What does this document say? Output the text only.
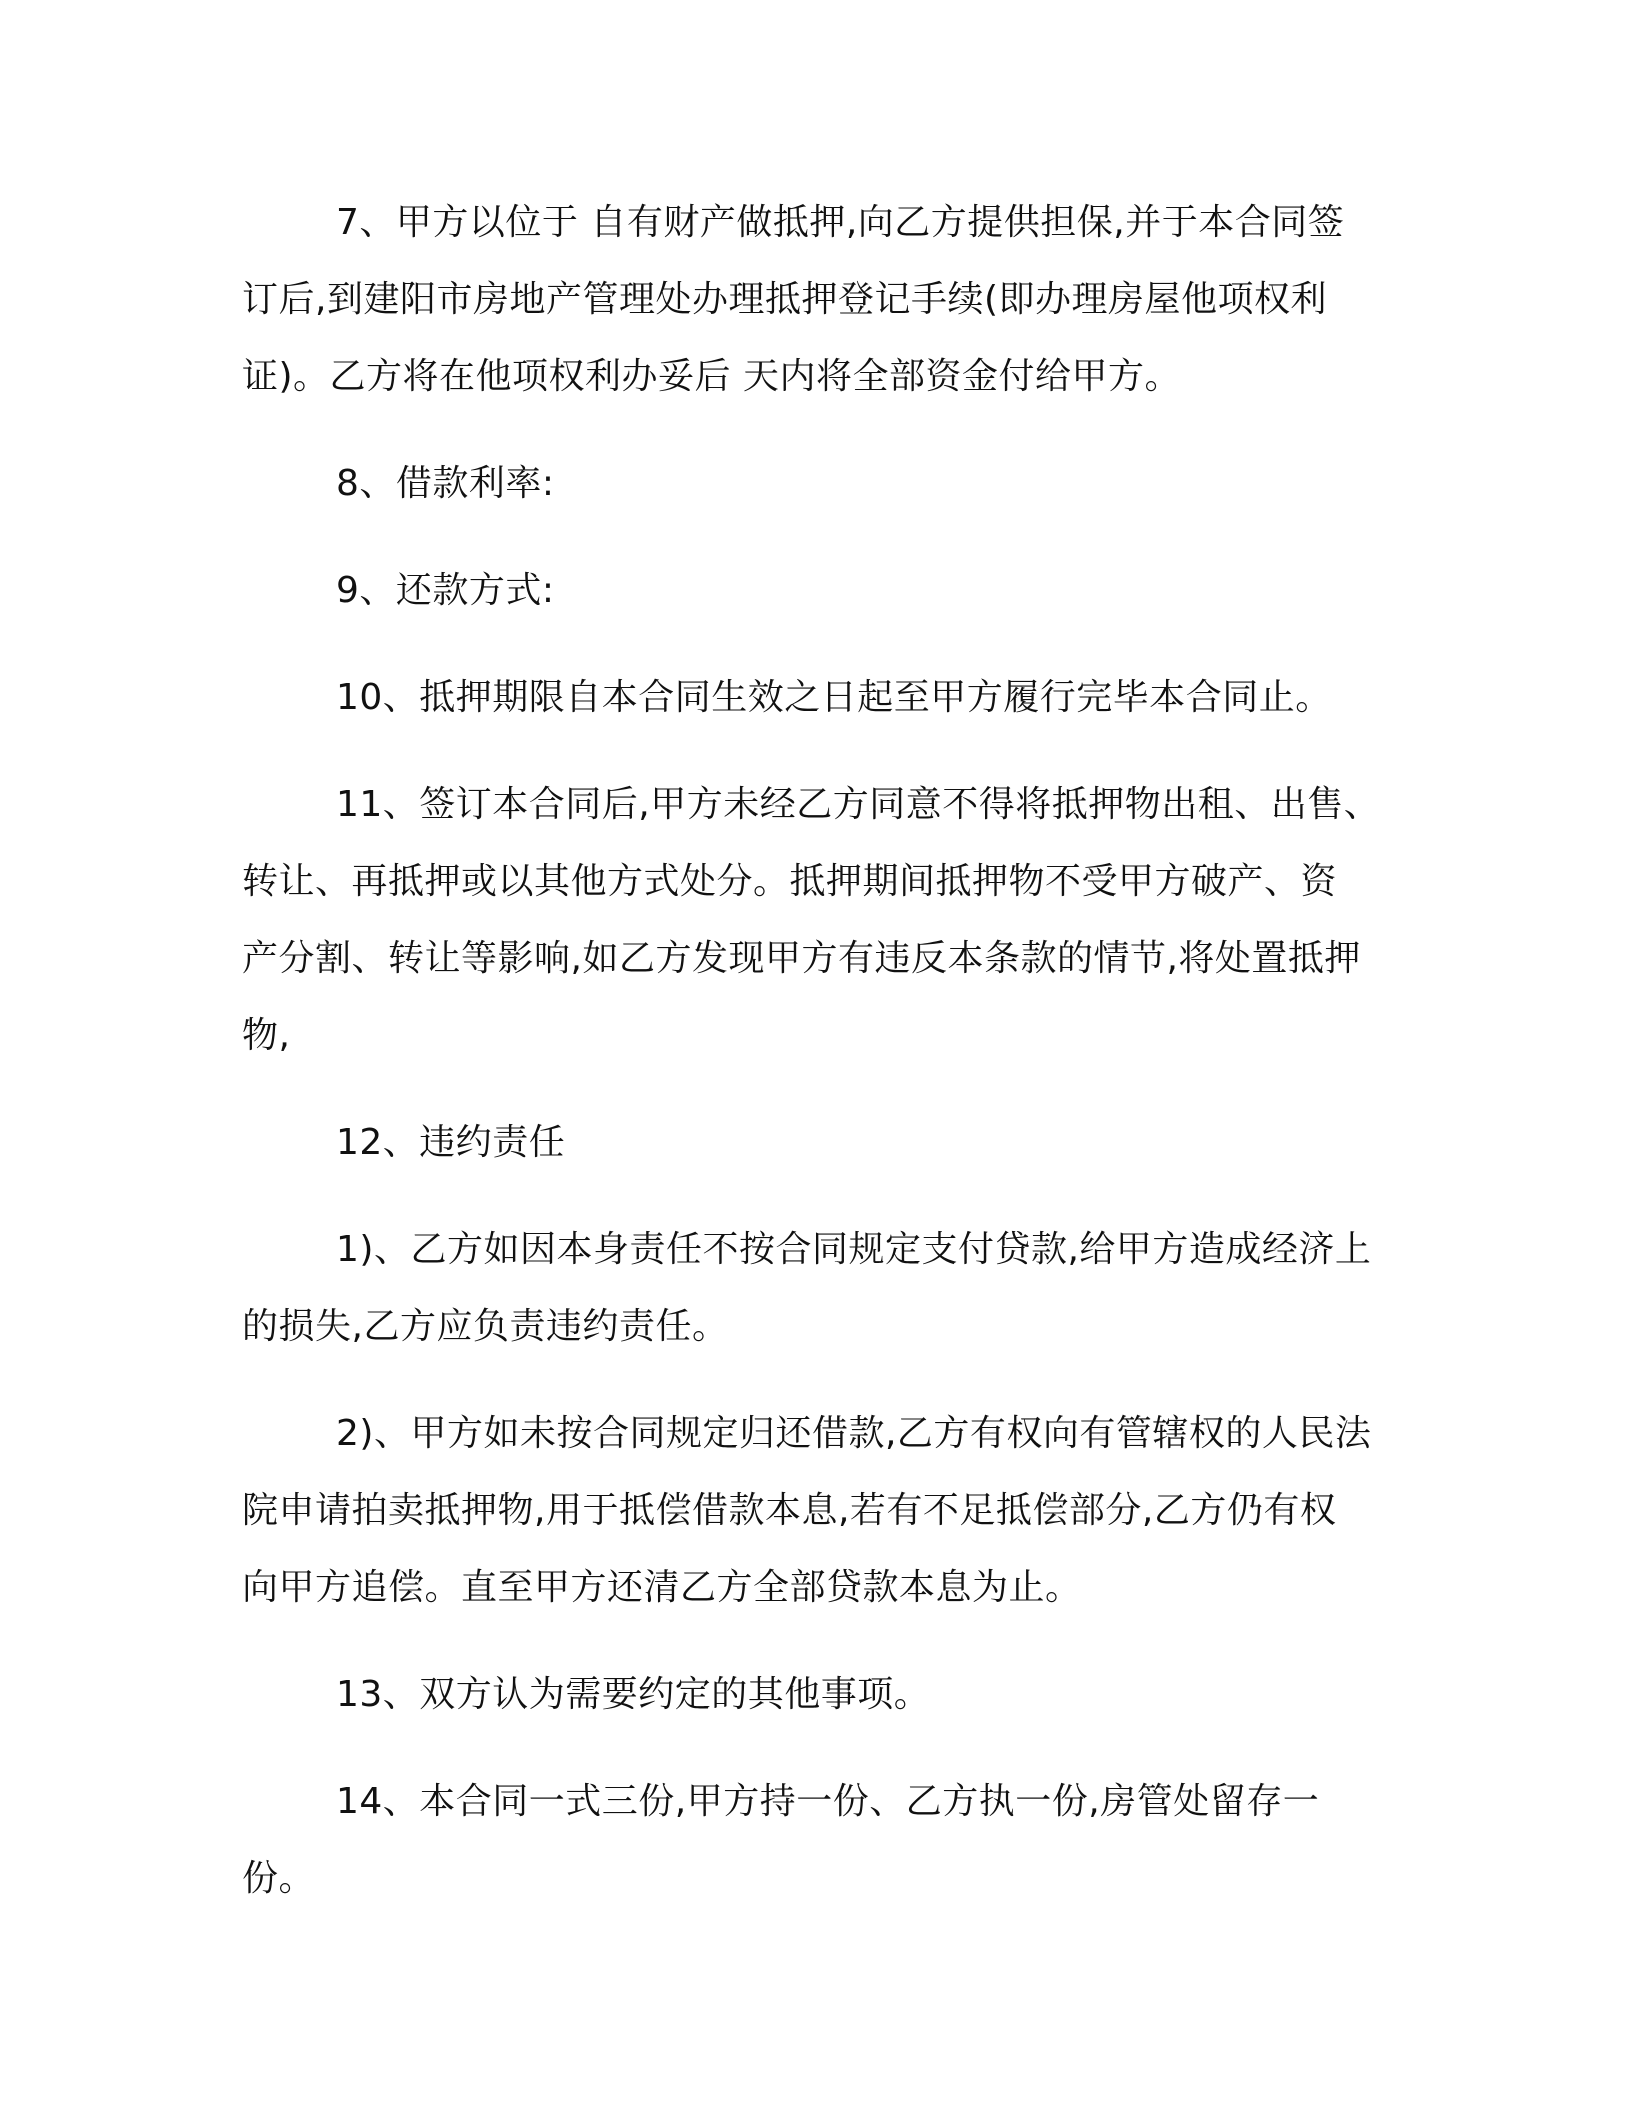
7、甲方以位于 自有财产做抵押,向乙方提供担保,并于本合同签
订后,到建阳市房地产管理处办理抵押登记手续(即办理房屋他项权利
证)。乙方将在他项权利办妥后 天内将全部资金付给甲方。

8、借款利率:

9、还款方式:

10、抵押期限自本合同生效之日起至甲方履行完毕本合同止。

11、签订本合同后,甲方未经乙方同意不得将抵押物出租、出售、
转让、再抵押或以其他方式处分。抵押期间抵押物不受甲方破产、资
产分割、转让等影响,如乙方发现甲方有违反本条款的情节,将处置抵押
物,

12、违约责任

1)、乙方如因本身责任不按合同规定支付贷款,给甲方造成经济上
的损失,乙方应负责违约责任。

2)、甲方如未按合同规定归还借款,乙方有权向有管辖权的人民法
院申请拍卖抵押物,用于抵偿借款本息,若有不足抵偿部分,乙方仍有权
向甲方追偿。直至甲方还清乙方全部贷款本息为止。

13、双方认为需要约定的其他事项。

14、本合同一式三份,甲方持一份、乙方执一份,房管处留存一份。
